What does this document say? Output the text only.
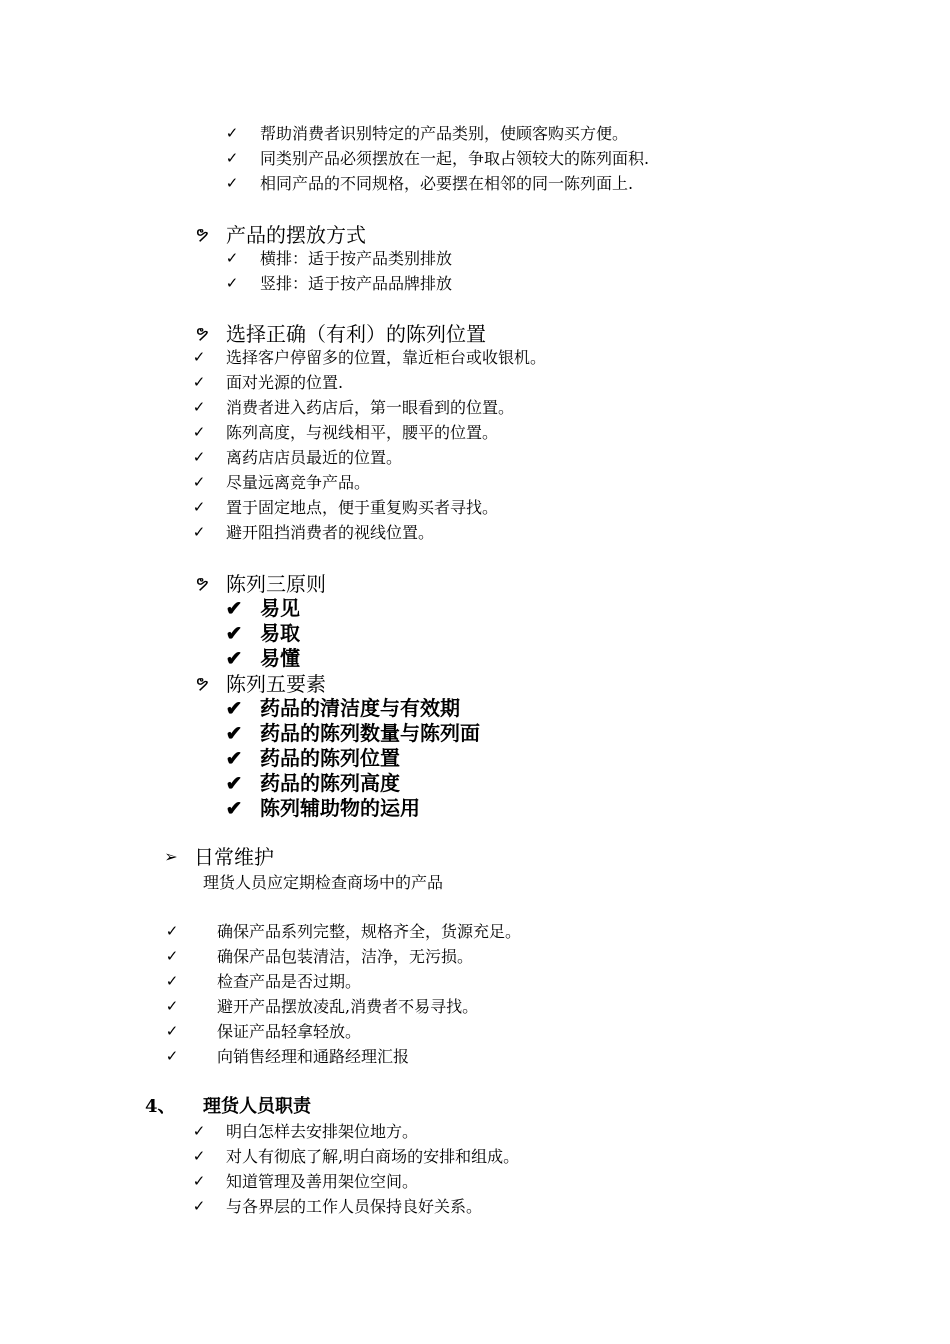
✓ 帮助消费者识别特定的产品类别，使顾客购买方便。
✓ 同类别产品必须摆放在一起，争取占领较大的陈列面积.
✓ 相同产品的不同规格，必要摆在相邻的同一陈列面上.
ຯ 产品的摆放方式
✓ 横排：适于按产品类别排放
✓ 竖排：适于按产品品牌排放
ຯ 选择正确（有利）的陈列位置
✓ 选择客户停留多的位置，靠近柜台或收银机。
✓ 面对光源的位置.
✓ 消费者进入药店后，第一眼看到的位置。
✓ 陈列高度，与视线相平，腰平的位置。
✓ 离药店店员最近的位置。
✓ 尽量远离竞争产品。
✓ 置于固定地点，便于重复购买者寻找。
✓ 避开阻挡消费者的视线位置。
ຯ 陈列三原则
✔ 易见
✔ 易取
✔ 易懂
ຯ 陈列五要素
✔ 药品的清洁度与有效期
✔ 药品的陈列数量与陈列面
✔ 药品的陈列位置
✔ 药品的陈列高度
✔ 陈列辅助物的运用
➢ 日常维护
理货人员应定期检查商场中的产品
✓ 确保产品系列完整，规格齐全，货源充足。
✓ 确保产品包装清洁，洁净，无污损。
✓ 检查产品是否过期。
✓ 避开产品摆放凌乱,消费者不易寻找。
✓ 保证产品轻拿轻放。
✓ 向销售经理和通路经理汇报
4、 理货人员职责
✓ 明白怎样去安排架位地方。
✓ 对人有彻底了解,明白商场的安排和组成。
✓ 知道管理及善用架位空间。
✓ 与各界层的工作人员保持良好关系。
